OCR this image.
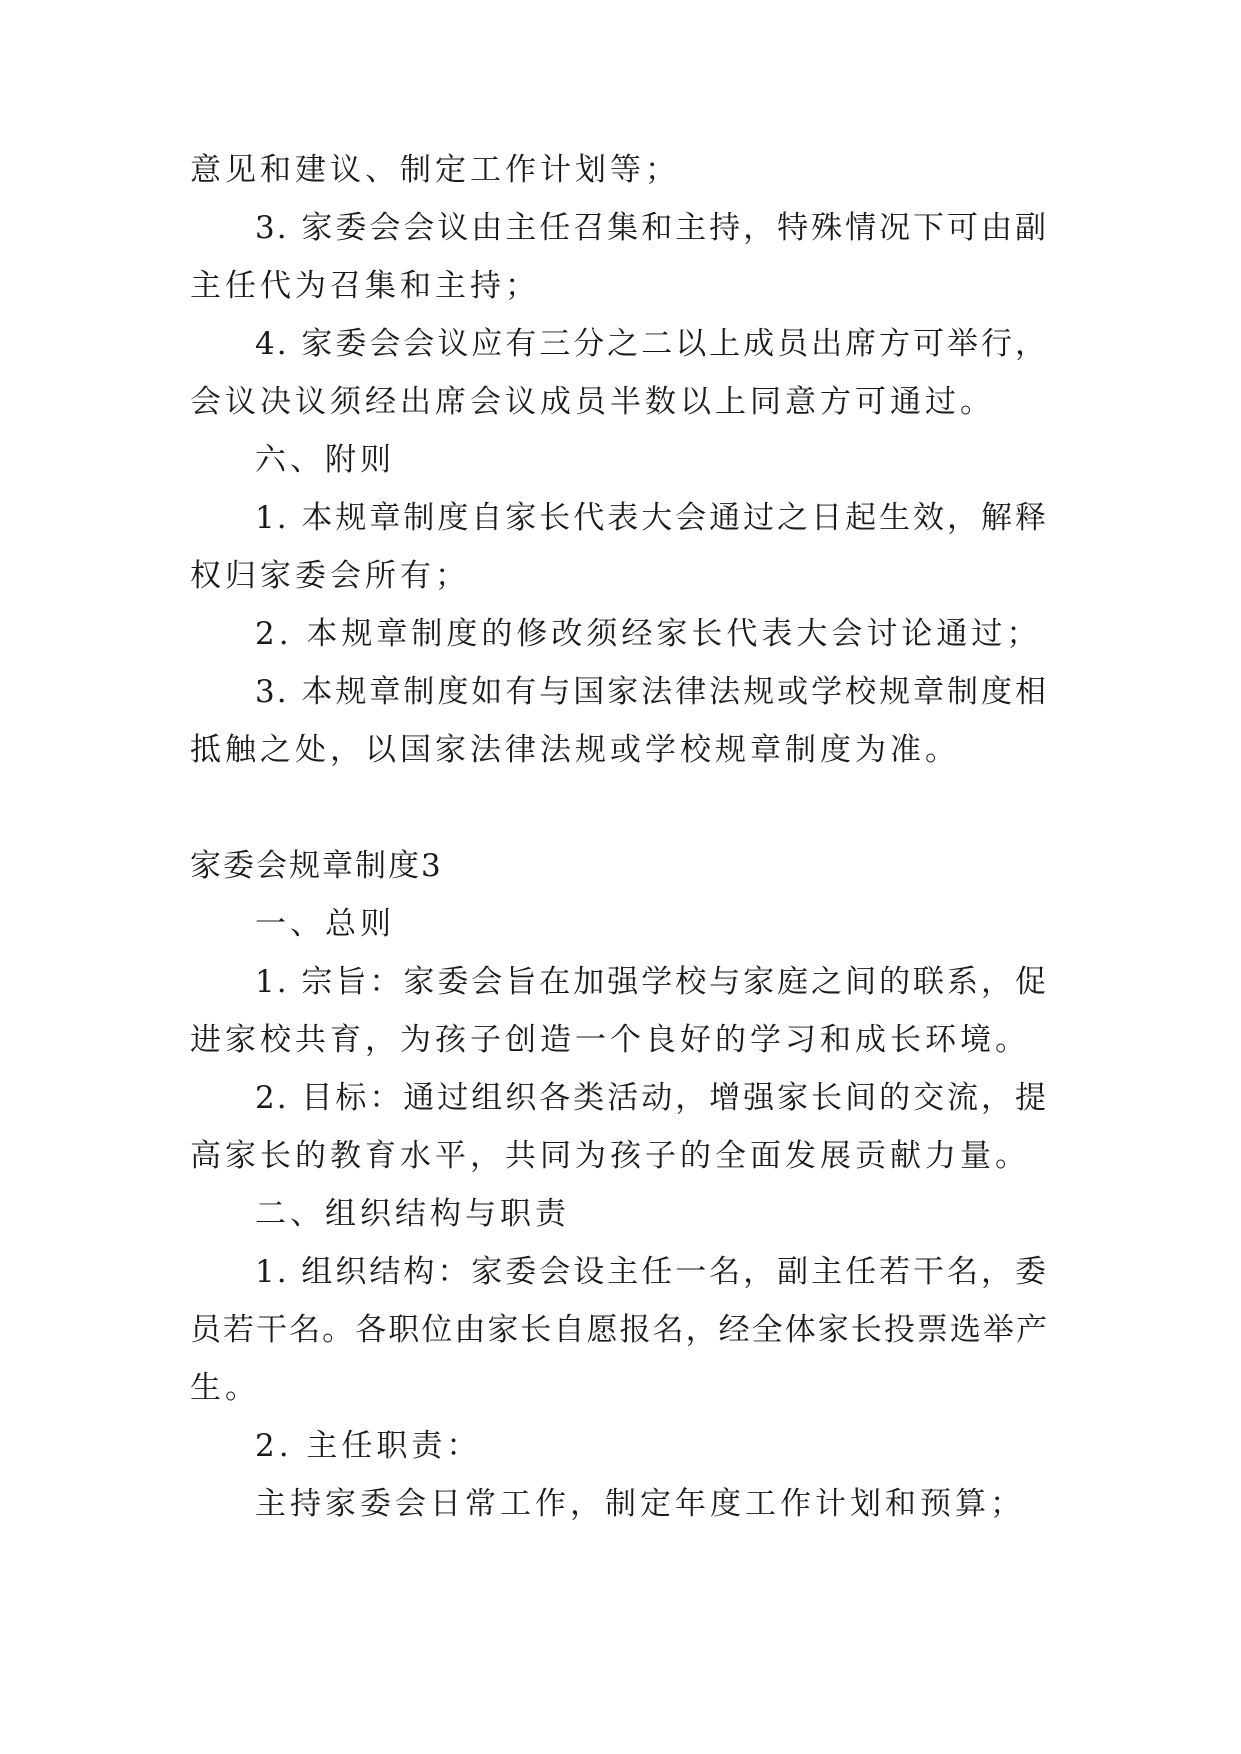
意见和建议、制定工作计划等；
3. 家委会会议由主任召集和主持，特殊情况下可由副
主任代为召集和主持；
4. 家委会会议应有三分之二以上成员出席方可举行，
会议决议须经出席会议成员半数以上同意方可通过。
六、附则
1. 本规章制度自家长代表大会通过之日起生效，解释
权归家委会所有；
2. 本规章制度的修改须经家长代表大会讨论通过；
3. 本规章制度如有与国家法律法规或学校规章制度相
抵触之处，以国家法律法规或学校规章制度为准。
家委会规章制度3
一、总则
1. 宗旨：家委会旨在加强学校与家庭之间的联系，促
进家校共育，为孩子创造一个良好的学习和成长环境。
2. 目标：通过组织各类活动，增强家长间的交流，提
高家长的教育水平，共同为孩子的全面发展贡献力量。
二、组织结构与职责
1. 组织结构：家委会设主任一名，副主任若干名，委
员若干名。各职位由家长自愿报名，经全体家长投票选举产
生。
2. 主任职责：
主持家委会日常工作，制定年度工作计划和预算；
